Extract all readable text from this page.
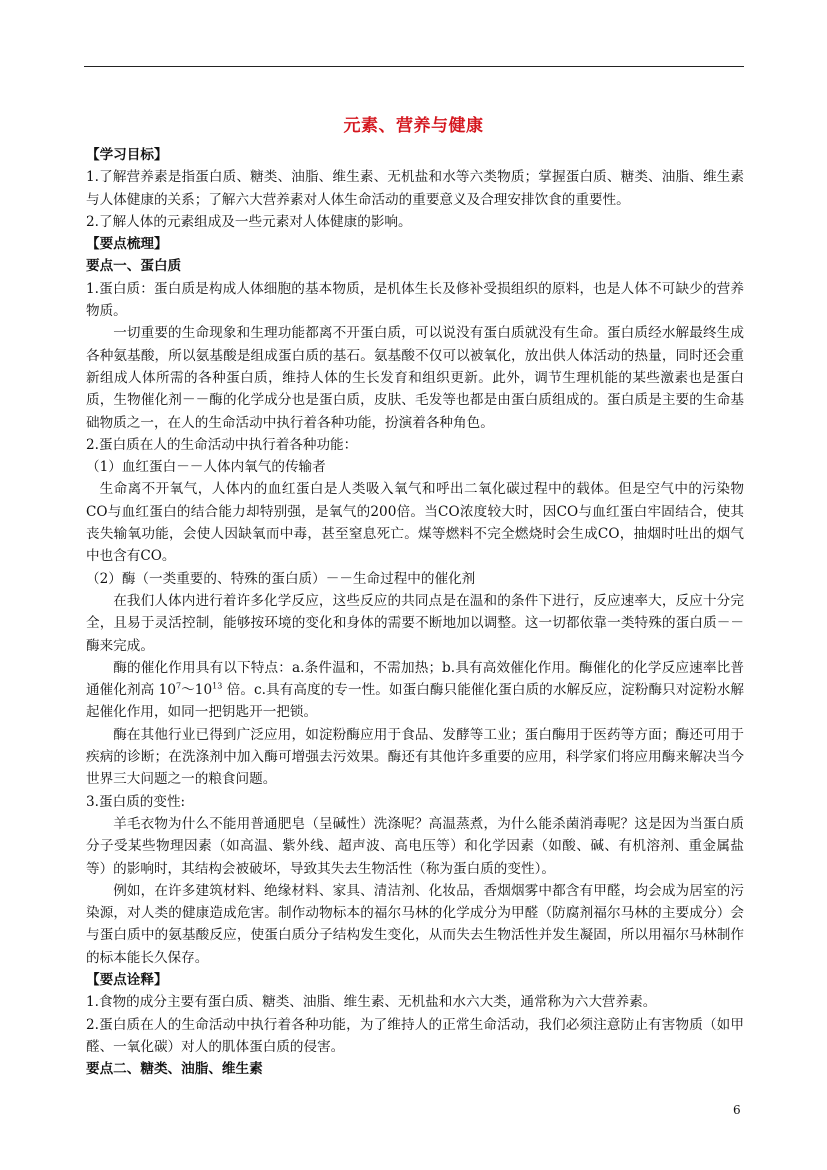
元素、营养与健康

【学习目标】

1.了解营养素是指蛋白质、糖类、油脂、维生素、无机盐和水等六类物质；掌握蛋白质、糖类、油脂、维生素与人体健康的关系；了解六大营养素对人体生命活动的重要意义及合理安排饮食的重要性。

2.了解人体的元素组成及一些元素对人体健康的影响。

【要点梳理】

要点一、蛋白质

1.蛋白质：蛋白质是构成人体细胞的基本物质，是机体生长及修补受损组织的原料，也是人体不可缺少的营养物质。

一切重要的生命现象和生理功能都离不开蛋白质，可以说没有蛋白质就没有生命。蛋白质经水解最终生成各种氨基酸，所以氨基酸是组成蛋白质的基石。氨基酸不仅可以被氧化，放出供人体活动的热量，同时还会重新组成人体所需的各种蛋白质，维持人体的生长发育和组织更新。此外，调节生理机能的某些激素也是蛋白质，生物催化剂－－酶的化学成分也是蛋白质，皮肤、毛发等也都是由蛋白质组成的。蛋白质是主要的生命基础物质之一，在人的生命活动中执行着各种功能，扮演着各种角色。

2.蛋白质在人的生命活动中执行着各种功能：

（1）血红蛋白－－人体内氧气的传输者

生命离不开氧气，人体内的血红蛋白是人类吸入氧气和呼出二氧化碳过程中的载体。但是空气中的污染物CO与血红蛋白的结合能力却特别强，是氧气的200倍。当CO浓度较大时，因CO与血红蛋白牢固结合，使其丧失输氧功能，会使人因缺氧而中毒，甚至窒息死亡。煤等燃料不完全燃烧时会生成CO，抽烟时吐出的烟气中也含有CO。

（2）酶（一类重要的、特殊的蛋白质）－－生命过程中的催化剂

在我们人体内进行着许多化学反应，这些反应的共同点是在温和的条件下进行，反应速率大，反应十分完全，且易于灵活控制，能够按环境的变化和身体的需要不断地加以调整。这一切都依靠一类特殊的蛋白质－－酶来完成。

酶的催化作用具有以下特点：a.条件温和，不需加热；b.具有高效催化作用。酶催化的化学反应速率比普通催化剂高 $10^7\sim 10^{13}$ 倍。c.具有高度的专一性。如蛋白酶只能催化蛋白质的水解反应，淀粉酶只对淀粉水解起催化作用，如同一把钥匙开一把锁。

酶在其他行业已得到广泛应用，如淀粉酶应用于食品、发酵等工业；蛋白酶用于医药等方面；酶还可用于疾病的诊断；在洗涤剂中加入酶可增强去污效果。酶还有其他许多重要的应用，科学家们将应用酶来解决当今世界三大问题之一的粮食问题。

3.蛋白质的变性:

羊毛衣物为什么不能用普通肥皂（呈碱性）洗涤呢？高温蒸煮，为什么能杀菌消毒呢？这是因为当蛋白质分子受某些物理因素（如高温、紫外线、超声波、高电压等）和化学因素（如酸、碱、有机溶剂、重金属盐等）的影响时，其结构会被破坏，导致其失去生物活性（称为蛋白质的变性）。

例如，在许多建筑材料、绝缘材料、家具、清洁剂、化妆品，香烟烟雾中都含有甲醛，均会成为居室的污染源，对人类的健康造成危害。制作动物标本的福尔马林的化学成分为甲醛（防腐剂福尔马林的主要成分）会与蛋白质中的氨基酸反应，使蛋白质分子结构发生变化，从而失去生物活性并发生凝固，所以用福尔马林制作的标本能长久保存。

【要点诠释】

1.食物的成分主要有蛋白质、糖类、油脂、维生素、无机盐和水六大类，通常称为六大营养素。

2.蛋白质在人的生命活动中执行着各种功能，为了维持人的正常生命活动，我们必须注意防止有害物质（如甲醛、一氧化碳）对人的肌体蛋白质的侵害。

要点二、糖类、油脂、维生素

6
